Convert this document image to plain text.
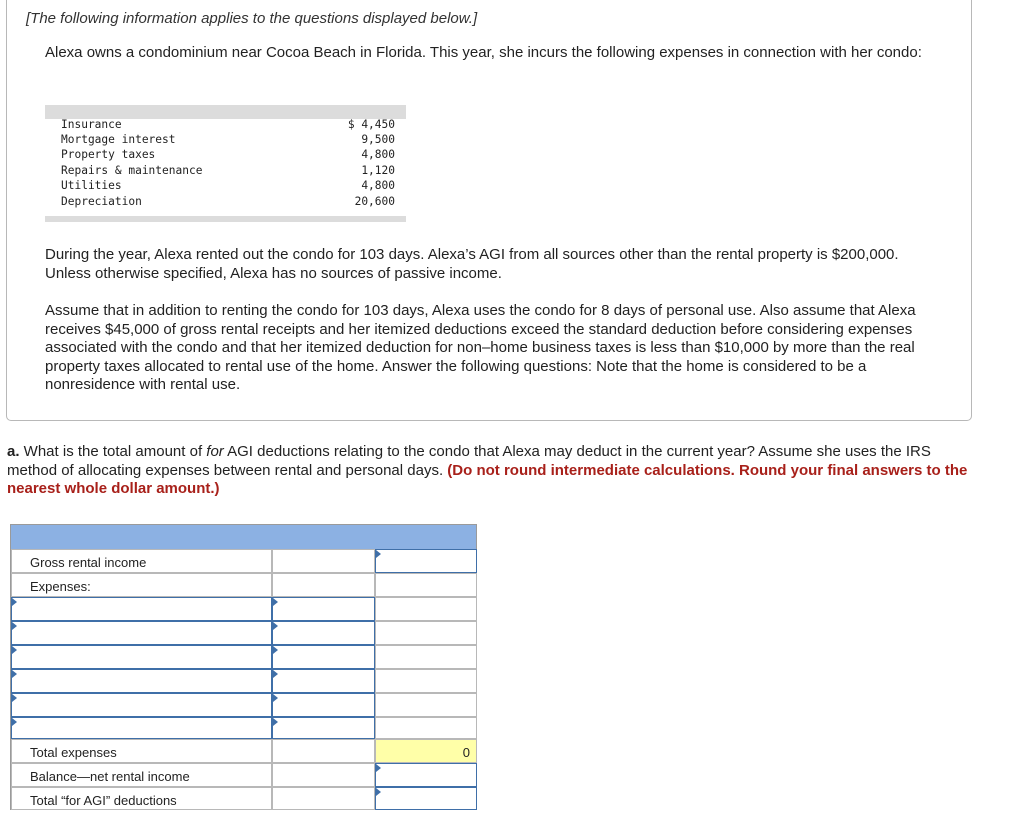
[The following information applies to the questions displayed below.]

Alexa owns a condominium near Cocoa Beach in Florida. This year, she incurs the following expenses in connection with her condo:

Insurance	$ 4,450
Mortgage interest	9,500
Property taxes	4,800
Repairs & maintenance	1,120
Utilities	4,800
Depreciation	20,600

During the year, Alexa rented out the condo for 103 days. Alexa’s AGI from all sources other than the rental property is $200,000. Unless otherwise specified, Alexa has no sources of passive income.

Assume that in addition to renting the condo for 103 days, Alexa uses the condo for 8 days of personal use. Also assume that Alexa receives $45,000 of gross rental receipts and her itemized deductions exceed the standard deduction before considering expenses associated with the condo and that her itemized deduction for non–home business taxes is less than $10,000 by more than the real property taxes allocated to rental use of the home. Answer the following questions: Note that the home is considered to be a nonresidence with rental use.

a. What is the total amount of for AGI deductions relating to the condo that Alexa may deduct in the current year? Assume she uses the IRS method of allocating expenses between rental and personal days. (Do not round intermediate calculations. Round your final answers to the nearest whole dollar amount.)

Gross rental income
Expenses:
Total expenses	0
Balance—net rental income
Total “for AGI” deductions
